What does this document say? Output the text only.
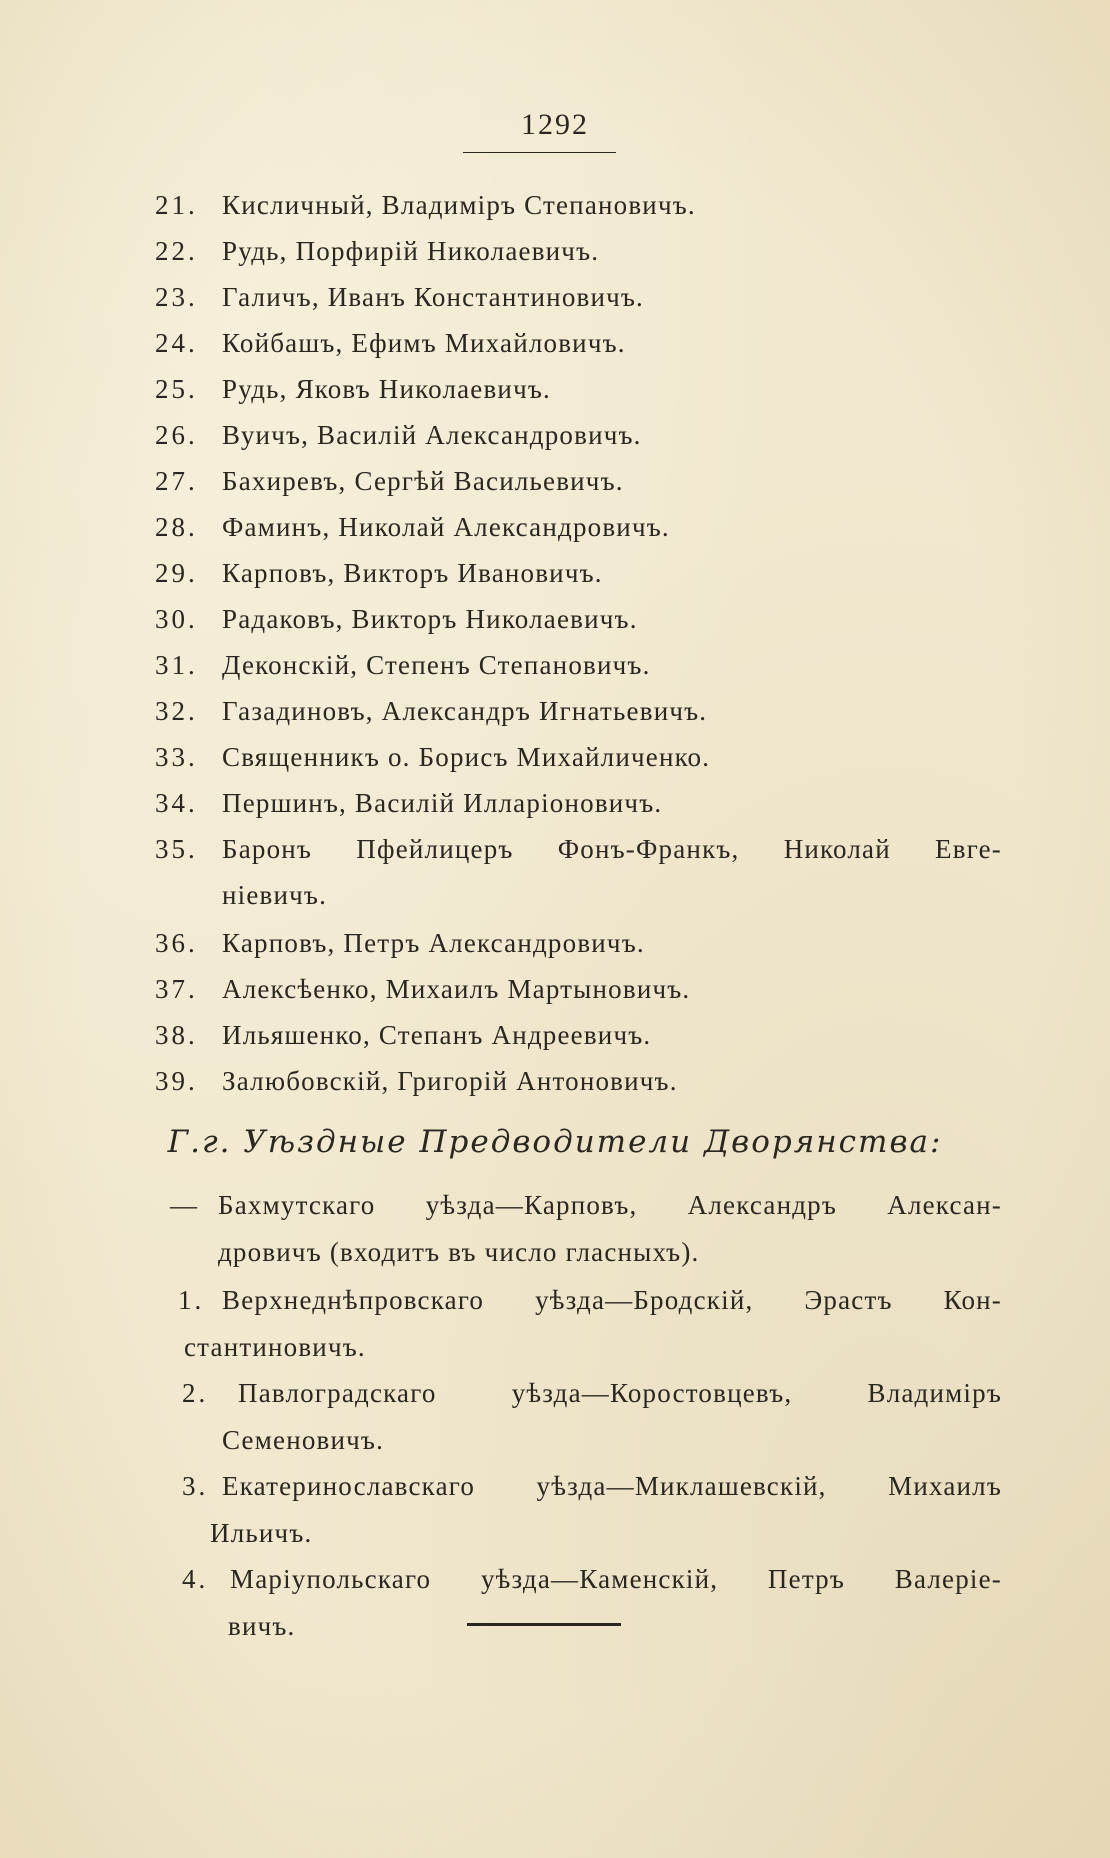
1292
21. Кисличный, Владиміръ Степановичъ.
22. Рудь, Порфирій Николаевичъ.
23. Галичъ, Иванъ Константиновичъ.
24. Койбашъ, Ефимъ Михайловичъ.
25. Рудь, Яковъ Николаевичъ.
26. Вуичъ, Василій Александровичъ.
27. Бахиревъ, Сергѣй Васильевичъ.
28. Фаминъ, Николай Александровичъ.
29. Карповъ, Викторъ Ивановичъ.
30. Радаковъ, Викторъ Николаевичъ.
31. Деконскій, Степенъ Степановичъ.
32. Газадиновъ, Александръ Игнатьевичъ.
33. Священникъ о. Борисъ Михайличенко.
34. Першинъ, Василій Илларіоновичъ.
35. Баронъ Пфейлицеръ Фонъ-Франкъ, Николай Евге-
ніевичъ.
36. Карповъ, Петръ Александровичъ.
37. Алексѣенко, Михаилъ Мартыновичъ.
38. Ильяшенко, Степанъ Андреевичъ.
39. Залюбовскій, Григорій Антоновичъ.
Г.г. Уѣздные Предводители Дворянства:
— Бахмутскаго уѣзда—Карповъ, Александръ Алексан-
дровичъ (входитъ въ число гласныхъ).
1. Верхнеднѣпровскаго уѣзда—Бродскій, Эрастъ Кон-
стантиновичъ.
2. Павлоградскаго уѣзда—Коростовцевъ, Владиміръ
Семеновичъ.
3. Екатеринославскаго уѣзда—Миклашевскій, Михаилъ
Ильичъ.
4. Маріупольскаго уѣзда—Каменскій, Петръ Валеріе-
вичъ.
